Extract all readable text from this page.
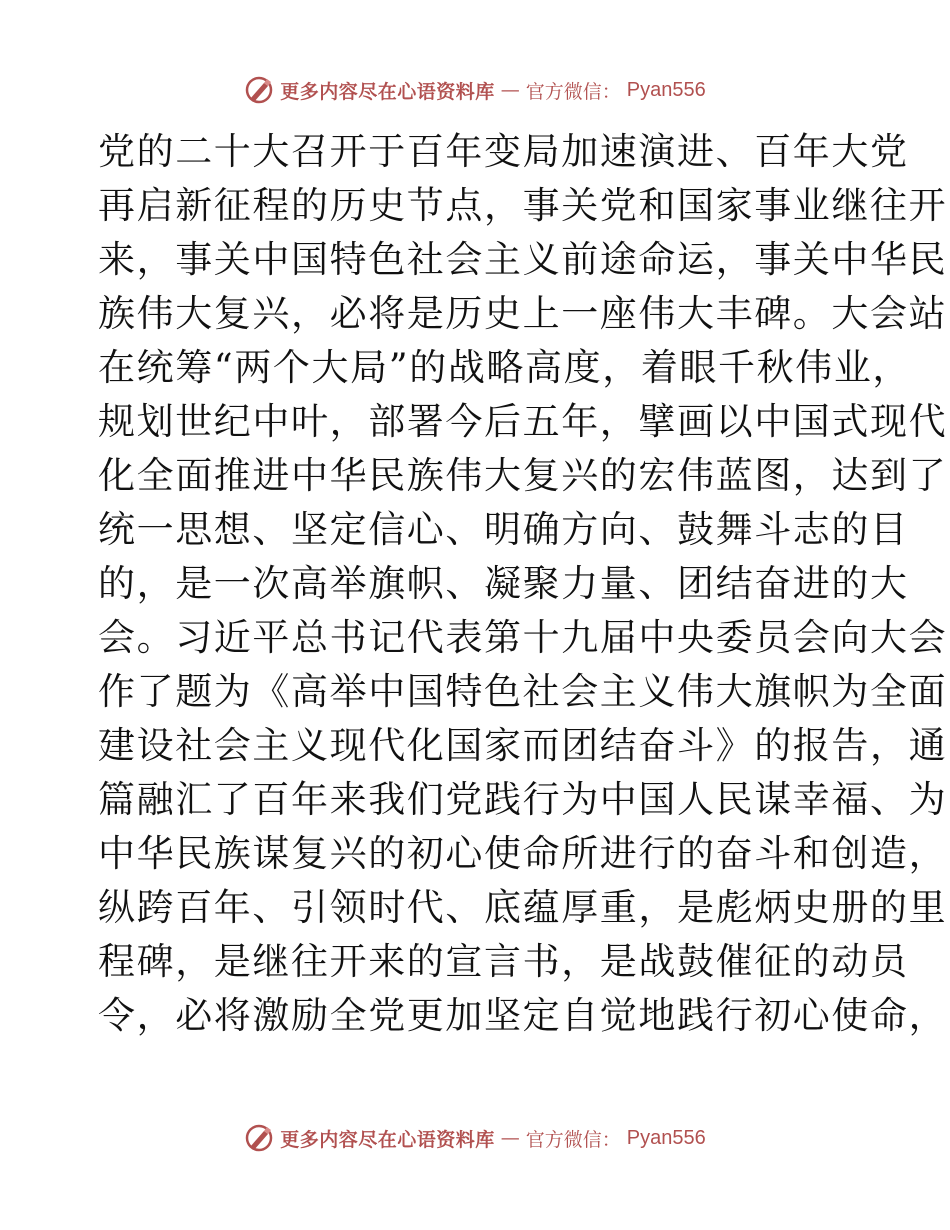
更多内容尽在心语资料库 — 官方微信： Pyan556
党的二十大召开于百年变局加速演进、百年大党
再启新征程的历史节点，事关党和国家事业继往开
来，事关中国特色社会主义前途命运，事关中华民
族伟大复兴，必将是历史上一座伟大丰碑。大会站
在统筹“两个大局”的战略高度，着眼千秋伟业，
规划世纪中叶，部署今后五年，擘画以中国式现代
化全面推进中华民族伟大复兴的宏伟蓝图，达到了
统一思想、坚定信心、明确方向、鼓舞斗志的目
的，是一次高举旗帜、凝聚力量、团结奋进的大
会。习近平总书记代表第十九届中央委员会向大会
作了题为《高举中国特色社会主义伟大旗帜为全面
建设社会主义现代化国家而团结奋斗》的报告，通
篇融汇了百年来我们党践行为中国人民谋幸福、为
中华民族谋复兴的初心使命所进行的奋斗和创造，
纵跨百年、引领时代、底蕴厚重，是彪炳史册的里
程碑，是继往开来的宣言书，是战鼓催征的动员
令，必将激励全党更加坚定自觉地践行初心使命，
更多内容尽在心语资料库 — 官方微信： Pyan556
